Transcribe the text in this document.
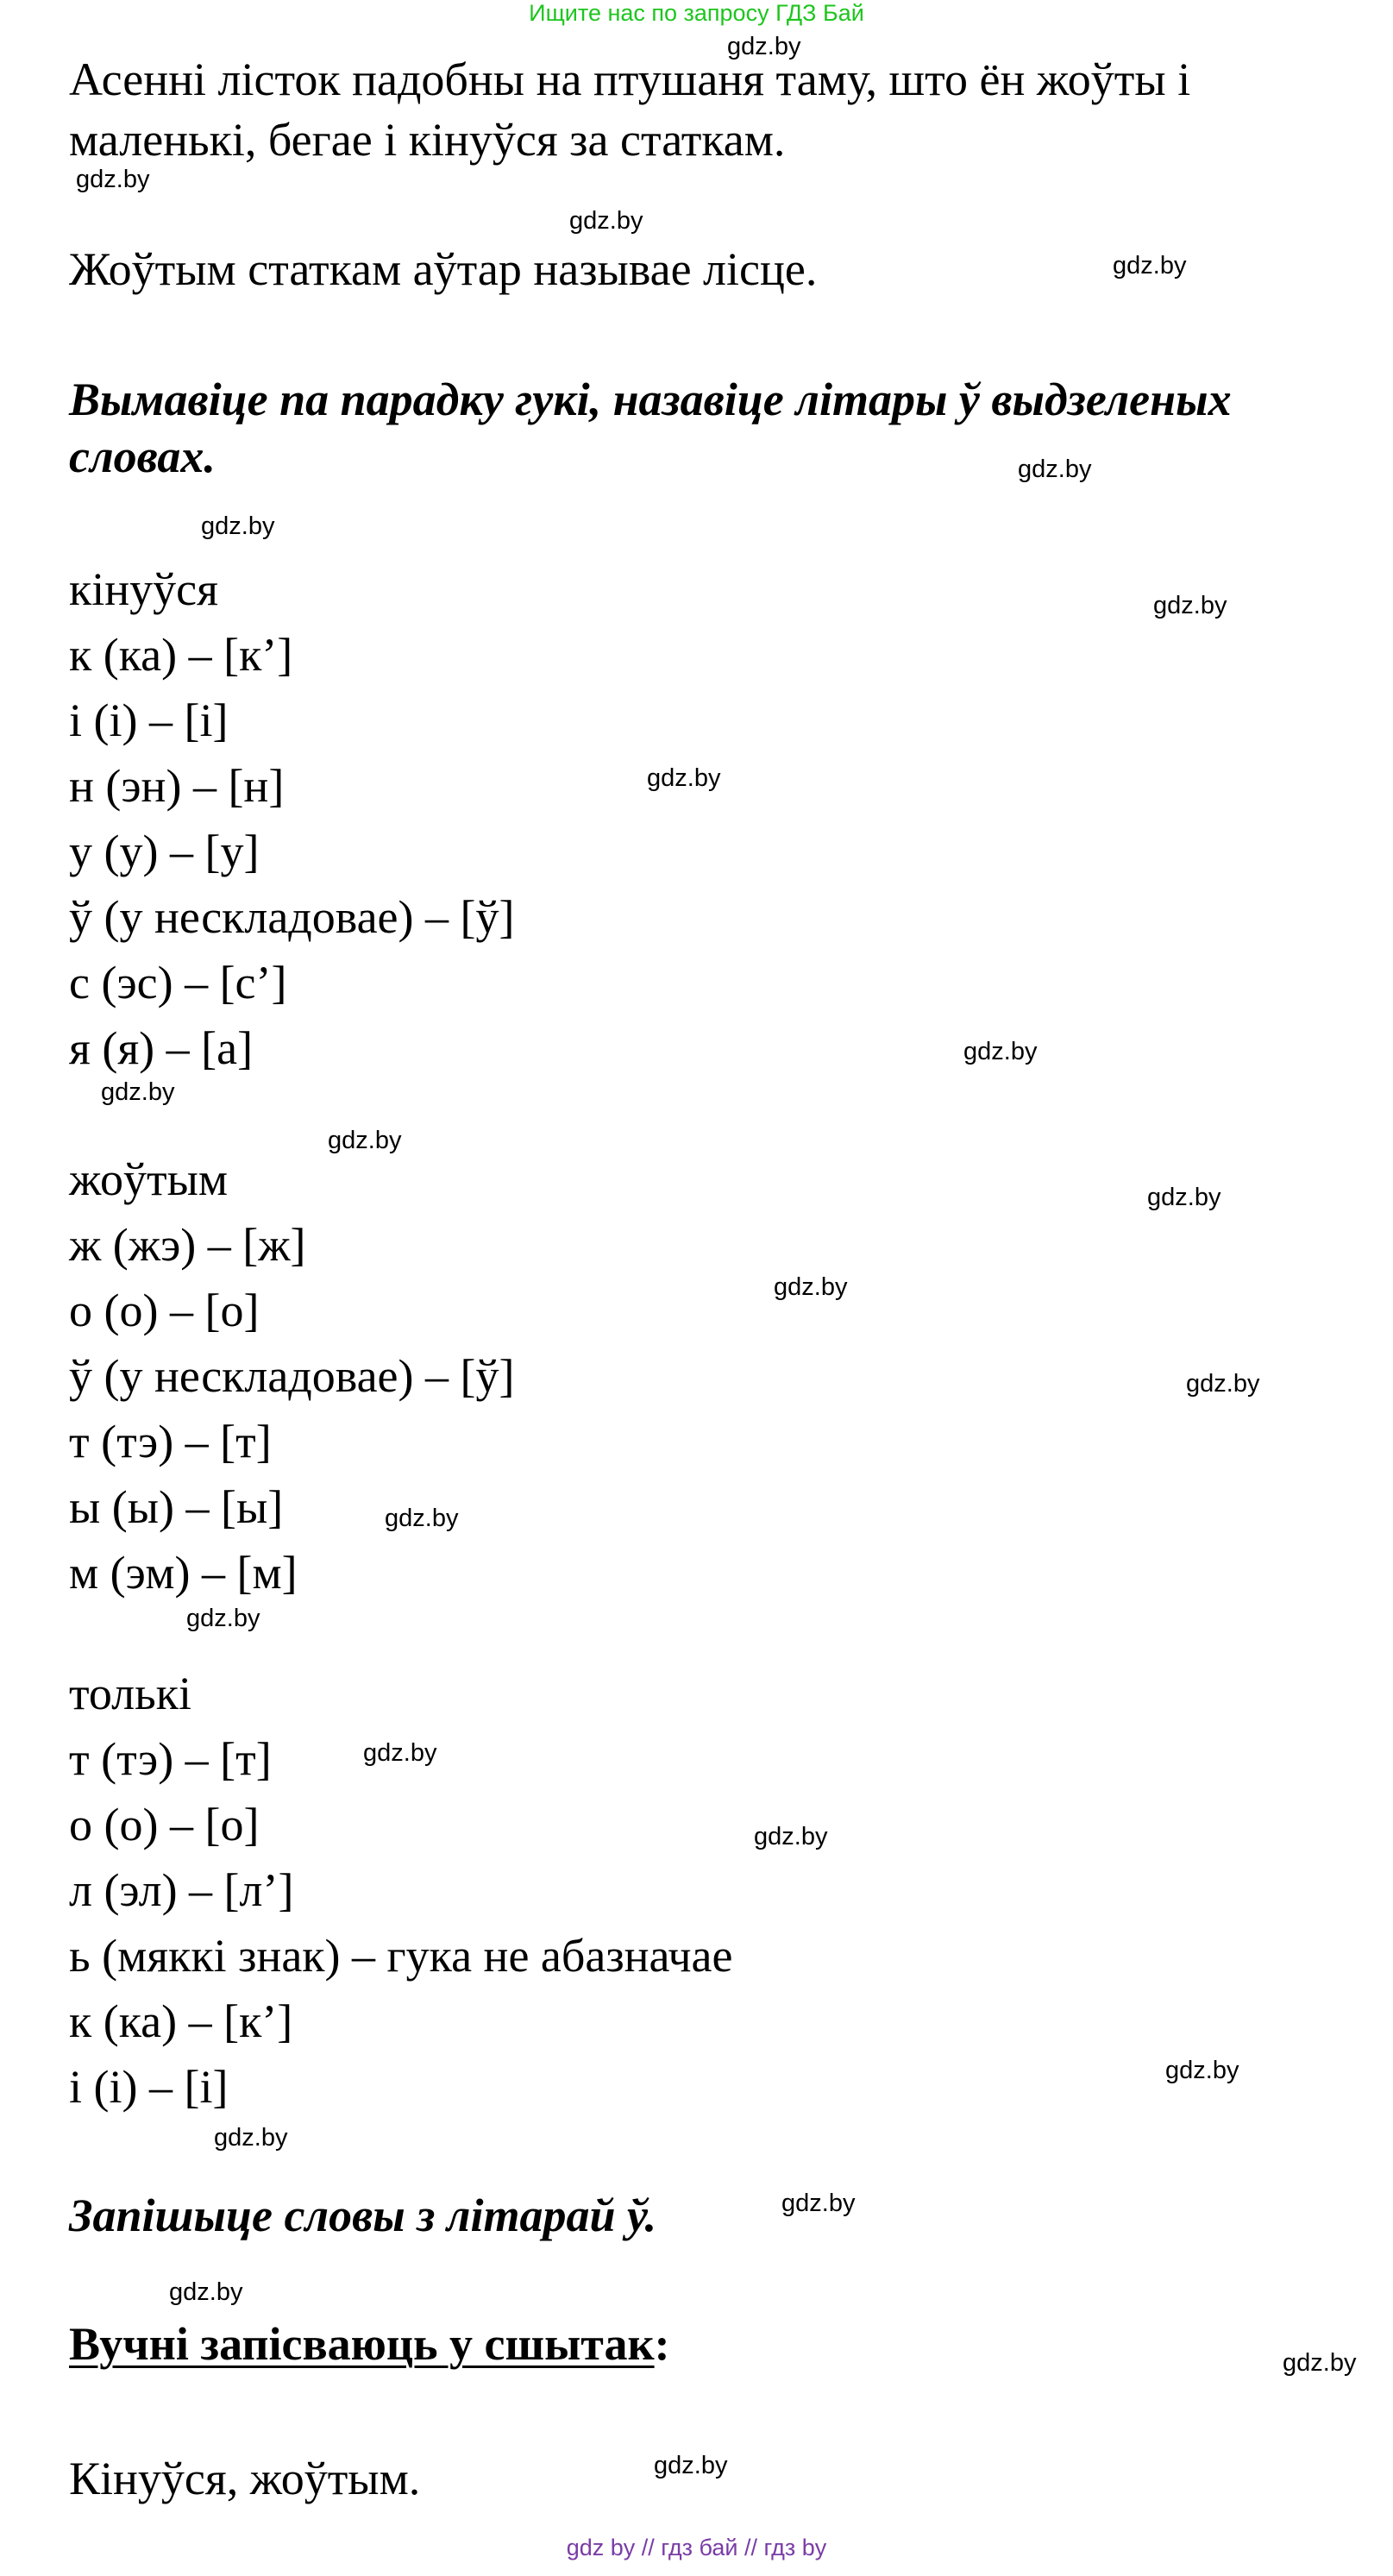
Ищите нас по запросу ГДЗ Бай
gdz.by
gdz.by
gdz.by
gdz.by
gdz.by
gdz.by
gdz.by
gdz.by
gdz.by
gdz.by
gdz.by
gdz.by
gdz.by
gdz.by
gdz.by
gdz.by
gdz.by
gdz.by
gdz.by
gdz.by
gdz.by
gdz.by
gdz.by
gdz.by
Асенні лісток падобны на птушаня таму, што ён жоўты і
маленькі, бегае і кінуўся за статкам.
Жоўтым статкам аўтар называе лісце.
Вымавіце па парадку гукі, назавіце літары ў выдзеленых
словах.
кінуўся
к (ка) – [к’]
і (і) – [і]
н (эн) – [н]
у (у) – [у]
ў (у нескладовае) – [ў]
с (эс) – [с’]
я (я) – [а]
жоўтым
ж (жэ) – [ж]
о (о) – [о]
ў (у нескладовае) – [ў]
т (тэ) – [т]
ы (ы) – [ы]
м (эм) – [м]
толькі
т (тэ) – [т]
о (о) – [о]
л (эл) – [л’]
ь (мяккі знак) – гука не абазначае
к (ка) – [к’]
і (і) – [і]
Запішыце словы з літарай ў.
Вучні запісваюць у сшытак:
Кінуўся, жоўтым.
gdz by // гдз бай // гдз by
